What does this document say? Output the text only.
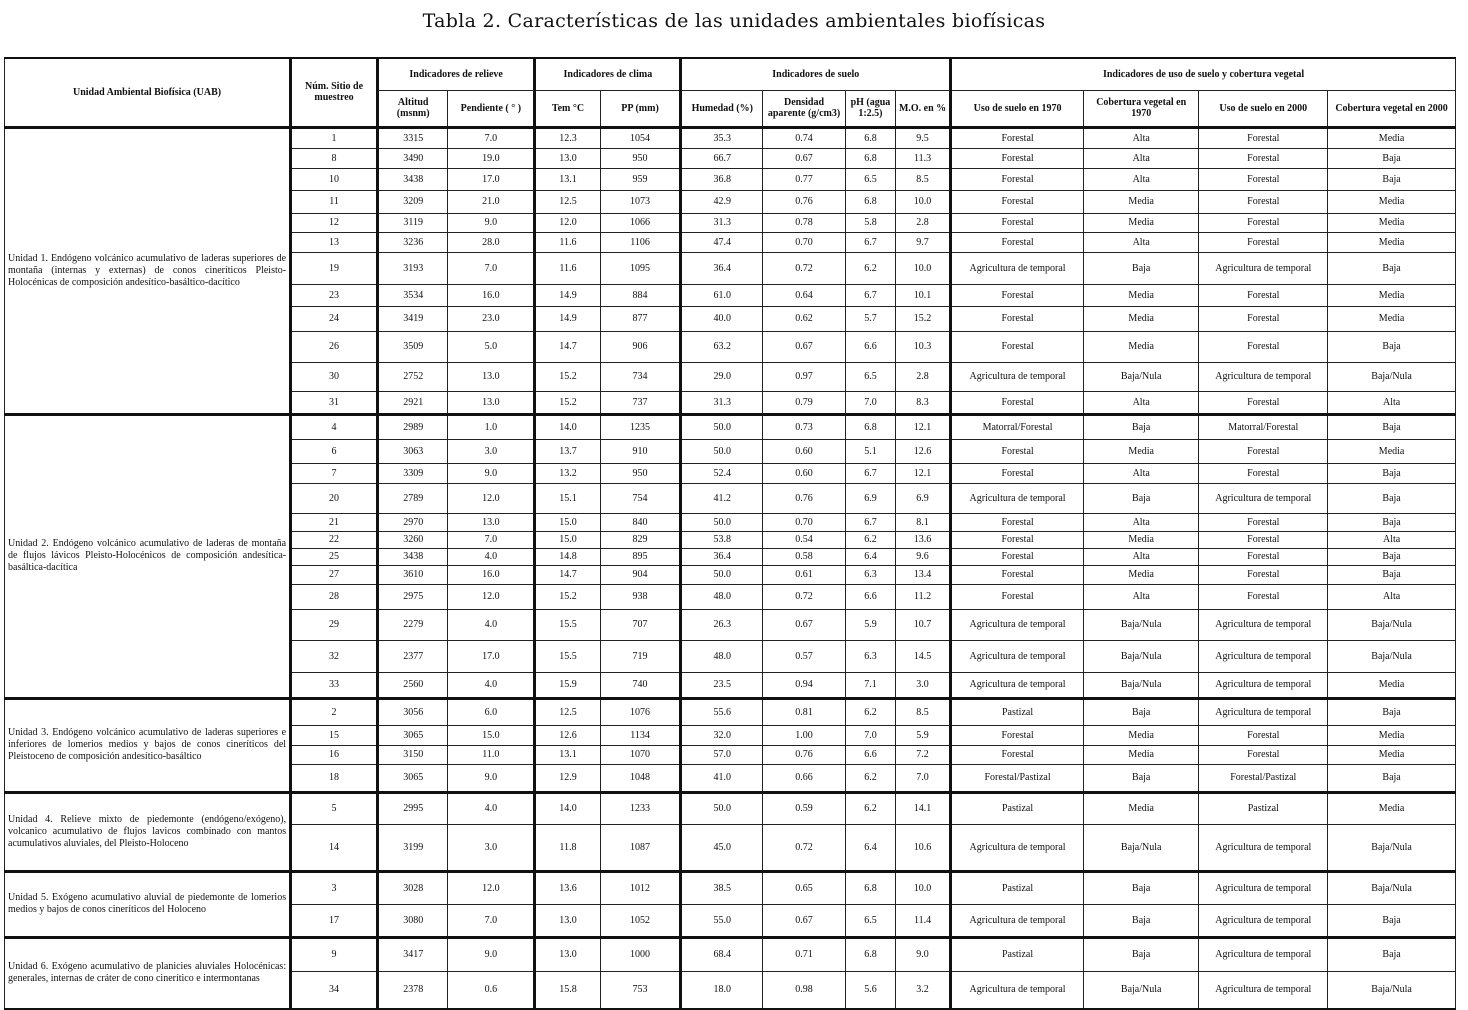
Tabla 2. Características de las unidades ambientales biofísicas
Unidad Ambiental Biofísica (UAB)	Núm. Sitio de muestreo	Indicadores de relieve		Indicadores de clima		Indicadores de suelo				Indicadores de uso de suelo y cobertura vegetal			
		Altitud (msnm)	Pendiente ( ° )	Tem °C	PP (mm)	Humedad (%)	Densidad aparente (g/cm3)	pH (agua 1:2.5)	M.O. en %	Uso de suelo en 1970	Cobertura vegetal en 1970	Uso de suelo en 2000	Cobertura vegetal en 2000
Unidad 1. Endógeno volcánico acumulativo de laderas superiores de montaña (internas y externas) de conos cineríticos Pleisto-Holocénicas de composición andesítico-basáltico-dacítico	1	3315	7.0	12.3	1054	35.3	0.74	6.8	9.5	Forestal	Alta	Forestal	Media
	8	3490	19.0	13.0	950	66.7	0.67	6.8	11.3	Forestal	Alta	Forestal	Baja
	10	3438	17.0	13.1	959	36.8	0.77	6.5	8.5	Forestal	Alta	Forestal	Baja
	11	3209	21.0	12.5	1073	42.9	0.76	6.8	10.0	Forestal	Media	Forestal	Media
	12	3119	9.0	12.0	1066	31.3	0.78	5.8	2.8	Forestal	Media	Forestal	Media
	13	3236	28.0	11.6	1106	47.4	0.70	6.7	9.7	Forestal	Alta	Forestal	Media
	19	3193	7.0	11.6	1095	36.4	0.72	6.2	10.0	Agricultura de temporal	Baja	Agricultura de temporal	Baja
	23	3534	16.0	14.9	884	61.0	0.64	6.7	10.1	Forestal	Media	Forestal	Media
	24	3419	23.0	14.9	877	40.0	0.62	5.7	15.2	Forestal	Media	Forestal	Media
	26	3509	5.0	14.7	906	63.2	0.67	6.6	10.3	Forestal	Media	Forestal	Baja
	30	2752	13.0	15.2	734	29.0	0.97	6.5	2.8	Agricultura de temporal	Baja/Nula	Agricultura de temporal	Baja/Nula
	31	2921	13.0	15.2	737	31.3	0.79	7.0	8.3	Forestal	Alta	Forestal	Alta
Unidad 2. Endógeno volcánico acumulativo de laderas de montaña de flujos lávicos Pleisto-Holocénicos de composición andesítica-basáltica-dacítica	4	2989	1.0	14.0	1235	50.0	0.73	6.8	12.1	Matorral/Forestal	Baja	Matorral/Forestal	Baja
	6	3063	3.0	13.7	910	50.0	0.60	5.1	12.6	Forestal	Media	Forestal	Media
	7	3309	9.0	13.2	950	52.4	0.60	6.7	12.1	Forestal	Alta	Forestal	Baja
	20	2789	12.0	15.1	754	41.2	0.76	6.9	6.9	Agricultura de temporal	Baja	Agricultura de temporal	Baja
	21	2970	13.0	15.0	840	50.0	0.70	6.7	8.1	Forestal	Alta	Forestal	Baja
	22	3260	7.0	15.0	829	53.8	0.54	6.2	13.6	Forestal	Media	Forestal	Alta
	25	3438	4.0	14.8	895	36.4	0.58	6.4	9.6	Forestal	Alta	Forestal	Baja
	27	3610	16.0	14.7	904	50.0	0.61	6.3	13.4	Forestal	Media	Forestal	Baja
	28	2975	12.0	15.2	938	48.0	0.72	6.6	11.2	Forestal	Alta	Forestal	Alta
	29	2279	4.0	15.5	707	26.3	0.67	5.9	10.7	Agricultura de temporal	Baja/Nula	Agricultura de temporal	Baja/Nula
	32	2377	17.0	15.5	719	48.0	0.57	6.3	14.5	Agricultura de temporal	Baja/Nula	Agricultura de temporal	Baja/Nula
	33	2560	4.0	15.9	740	23.5	0.94	7.1	3.0	Agricultura de temporal	Baja/Nula	Agricultura de temporal	Media
Unidad 3. Endógeno volcánico acumulativo de laderas superiores e inferiores de lomerios medios y bajos de conos cineríticos del Pleistoceno de composición andesítico-basáltico	2	3056	6.0	12.5	1076	55.6	0.81	6.2	8.5	Pastizal	Baja	Agricultura de temporal	Baja
	15	3065	15.0	12.6	1134	32.0	1.00	7.0	5.9	Forestal	Media	Forestal	Media
	16	3150	11.0	13.1	1070	57.0	0.76	6.6	7.2	Forestal	Media	Forestal	Media
	18	3065	9.0	12.9	1048	41.0	0.66	6.2	7.0	Forestal/Pastizal	Baja	Forestal/Pastizal	Baja
Unidad 4. Relieve mixto de piedemonte (endógeno/exógeno), volcanico acumulativo de flujos lavicos combinado con mantos acumulativos aluviales, del Pleisto-Holoceno	5	2995	4.0	14.0	1233	50.0	0.59	6.2	14.1	Pastizal	Media	Pastizal	Media
	14	3199	3.0	11.8	1087	45.0	0.72	6.4	10.6	Agricultura de temporal	Baja/Nula	Agricultura de temporal	Baja/Nula
Unidad 5. Exógeno acumulativo aluvial de piedemonte de lomerios medios y bajos de conos cineríticos del Holoceno	3	3028	12.0	13.6	1012	38.5	0.65	6.8	10.0	Pastizal	Baja	Agricultura de temporal	Baja/Nula
	17	3080	7.0	13.0	1052	55.0	0.67	6.5	11.4	Agricultura de temporal	Baja	Agricultura de temporal	Baja
Unidad 6. Exógeno acumulativo de planicies aluviales Holocénicas: generales, internas de cráter de cono cinerítico e intermontanas	9	3417	9.0	13.0	1000	68.4	0.71	6.8	9.0	Pastizal	Baja	Agricultura de temporal	Baja
	34	2378	0.6	15.8	753	18.0	0.98	5.6	3.2	Agricultura de temporal	Baja/Nula	Agricultura de temporal	Baja/Nula
